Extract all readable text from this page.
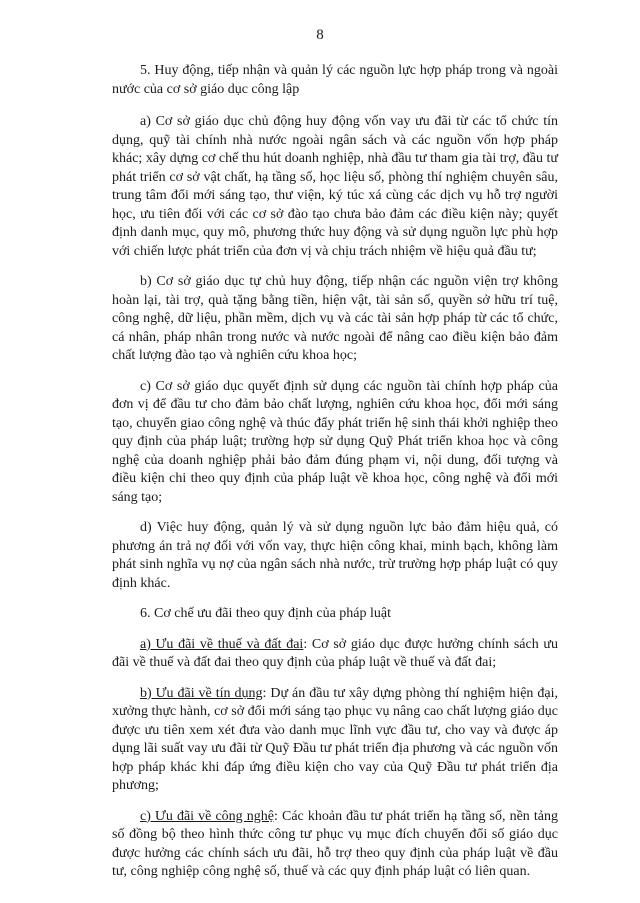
8

5. Huy động, tiếp nhận và quản lý các nguồn lực hợp pháp trong và ngoài nước của cơ sở giáo dục công lập

a) Cơ sở giáo dục chủ động huy động vốn vay ưu đãi từ các tổ chức tín dụng, quỹ tài chính nhà nước ngoài ngân sách và các nguồn vốn hợp pháp khác; xây dựng cơ chế thu hút doanh nghiệp, nhà đầu tư tham gia tài trợ, đầu tư phát triển cơ sở vật chất, hạ tầng số, học liệu số, phòng thí nghiệm chuyên sâu, trung tâm đổi mới sáng tạo, thư viện, ký túc xá cùng các dịch vụ hỗ trợ người học, ưu tiên đối với các cơ sở đào tạo chưa bảo đảm các điều kiện này; quyết định danh mục, quy mô, phương thức huy động và sử dụng nguồn lực phù hợp với chiến lược phát triển của đơn vị và chịu trách nhiệm về hiệu quả đầu tư;

b) Cơ sở giáo dục tự chủ huy động, tiếp nhận các nguồn viện trợ không hoàn lại, tài trợ, quà tặng bằng tiền, hiện vật, tài sản số, quyền sở hữu trí tuệ, công nghệ, dữ liệu, phần mềm, dịch vụ và các tài sản hợp pháp từ các tổ chức, cá nhân, pháp nhân trong nước và nước ngoài để nâng cao điều kiện bảo đảm chất lượng đào tạo và nghiên cứu khoa học;

c) Cơ sở giáo dục quyết định sử dụng các nguồn tài chính hợp pháp của đơn vị để đầu tư cho đảm bảo chất lượng, nghiên cứu khoa học, đổi mới sáng tạo, chuyển giao công nghệ và thúc đẩy phát triển hệ sinh thái khởi nghiệp theo quy định của pháp luật; trường hợp sử dụng Quỹ Phát triển khoa học và công nghệ của doanh nghiệp phải bảo đảm đúng phạm vi, nội dung, đối tượng và điều kiện chi theo quy định của pháp luật về khoa học, công nghệ và đổi mới sáng tạo;

d) Việc huy động, quản lý và sử dụng nguồn lực bảo đảm hiệu quả, có phương án trả nợ đối với vốn vay, thực hiện công khai, minh bạch, không làm phát sinh nghĩa vụ nợ của ngân sách nhà nước, trừ trường hợp pháp luật có quy định khác.

6. Cơ chế ưu đãi theo quy định của pháp luật

a) Ưu đãi về thuế và đất đai: Cơ sở giáo dục được hưởng chính sách ưu đãi về thuế và đất đai theo quy định của pháp luật về thuế và đất đai;

b) Ưu đãi về tín dụng: Dự án đầu tư xây dựng phòng thí nghiệm hiện đại, xưởng thực hành, cơ sở đổi mới sáng tạo phục vụ nâng cao chất lượng giáo dục được ưu tiên xem xét đưa vào danh mục lĩnh vực đầu tư, cho vay và được áp dụng lãi suất vay ưu đãi từ Quỹ Đầu tư phát triển địa phương và các nguồn vốn hợp pháp khác khi đáp ứng điều kiện cho vay của Quỹ Đầu tư phát triển địa phương;

c) Ưu đãi về công nghệ: Các khoản đầu tư phát triển hạ tầng số, nền tảng số đồng bộ theo hình thức công tư phục vụ mục đích chuyển đổi số giáo dục được hưởng các chính sách ưu đãi, hỗ trợ theo quy định của pháp luật về đầu tư, công nghiệp công nghệ số, thuế và các quy định pháp luật có liên quan.
